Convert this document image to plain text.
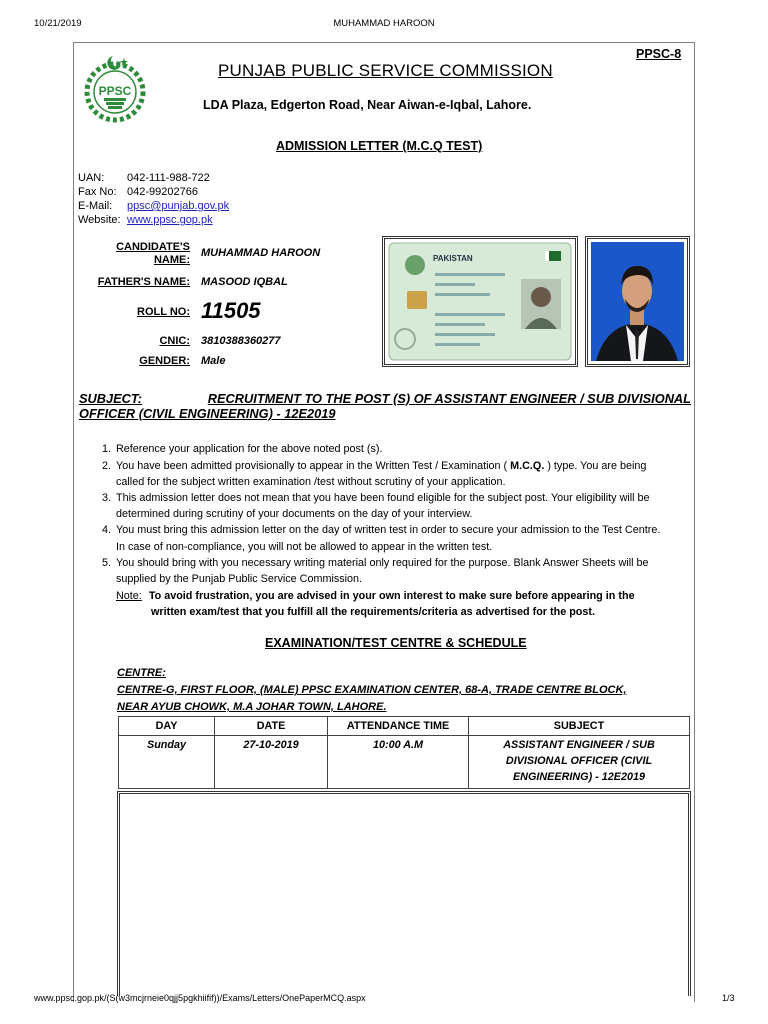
10/21/2019	MUHAMMAD HAROON
PPSC
PPSC-8
PUNJAB PUBLIC SERVICE COMMISSION
LDA Plaza, Edgerton Road, Near Aiwan-e-Iqbal, Lahore.
ADMISSION LETTER (M.C.Q TEST)
UAN: 042-111-988-722
Fax No: 042-99202766
E-Mail: ppsc@punjab.gov.pk
Website: www.ppsc.gop.pk
CANDIDATE'S
NAME:
MUHAMMAD HAROON
FATHER'S NAME: MASOOD IQBAL
ROLL NO: 11505
CNIC: 3810388360277
GENDER: Male
PAKISTAN
SUBJECT:	RECRUITMENT TO THE POST (S) OF ASSISTANT ENGINEER / SUB DIVISIONAL
OFFICER (CIVIL ENGINEERING) - 12E2019
1. Reference your application for the above noted post (s).
2. You have been admitted provisionally to appear in the Written Test / Examination ( M.C.Q. ) type. You are being
called for the subject written examination /test without scrutiny of your application.
3. This admission letter does not mean that you have been found eligible for the subject post. Your eligibility will be
determined during scrutiny of your documents on the day of your interview.
4. You must bring this admission letter on the day of written test in order to secure your admission to the Test Centre.
In case of non-compliance, you will not be allowed to appear in the written test.
5. You should bring with you necessary writing material only required for the purpose. Blank Answer Sheets will be
supplied by the Punjab Public Service Commission.
Note: To avoid frustration, you are advised in your own interest to make sure before appearing in the
written exam/test that you fulfill all the requirements/criteria as advertised for the post.
EXAMINATION/TEST CENTRE & SCHEDULE
CENTRE:
CENTRE-G, FIRST FLOOR, (MALE) PPSC EXAMINATION CENTER, 68-A, TRADE CENTRE BLOCK,
NEAR AYUB CHOWK, M.A JOHAR TOWN, LAHORE.
DAY	DATE	ATTENDANCE TIME	SUBJECT
Sunday	27-10-2019	10:00 A.M	ASSISTANT ENGINEER / SUB
DIVISIONAL OFFICER (CIVIL
ENGINEERING) - 12E2019
www.ppsc.gop.pk/(S(w3mcjrneie0qjj5pgkhiifif))/Exams/Letters/OnePaperMCQ.aspx	1/3
